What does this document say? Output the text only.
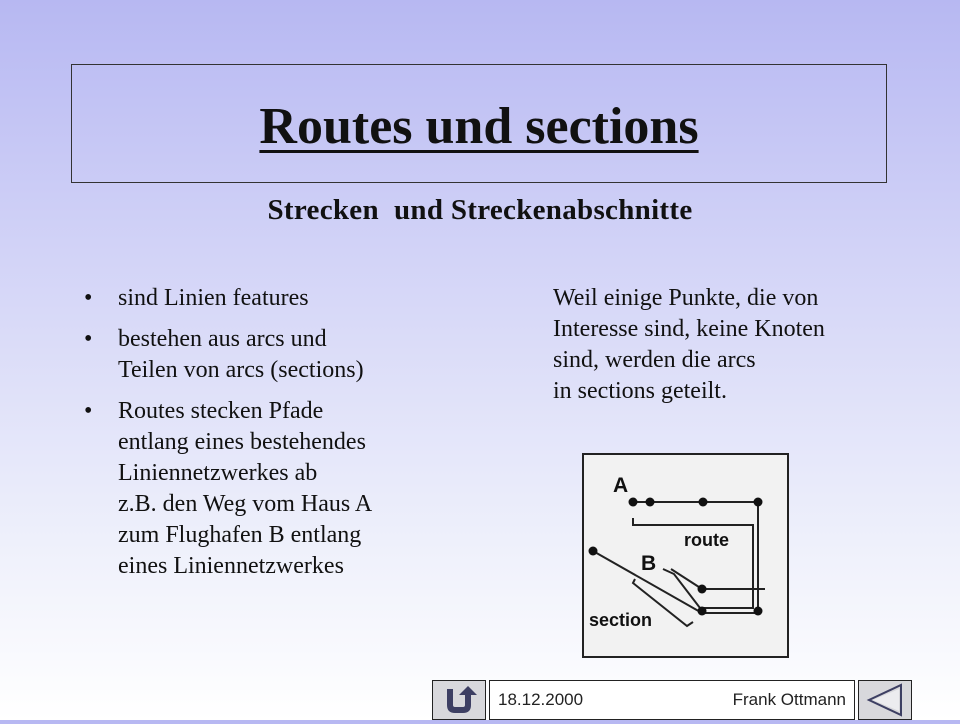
Routes und sections
Strecken  und Streckenabschnitte
• sind Linien features
• bestehen aus arcs und
Teilen von arcs (sections)
• Routes stecken Pfade
entlang eines bestehendes
Liniennetzwerkes ab
z.B. den Weg vom Haus A
zum Flughafen B entlang
eines Liniennetzwerkes
Weil einige Punkte, die von
Interesse sind, keine Knoten
sind, werden die arcs
in sections geteilt.
A
B
route
section
18.12.2000	Frank Ottmann
